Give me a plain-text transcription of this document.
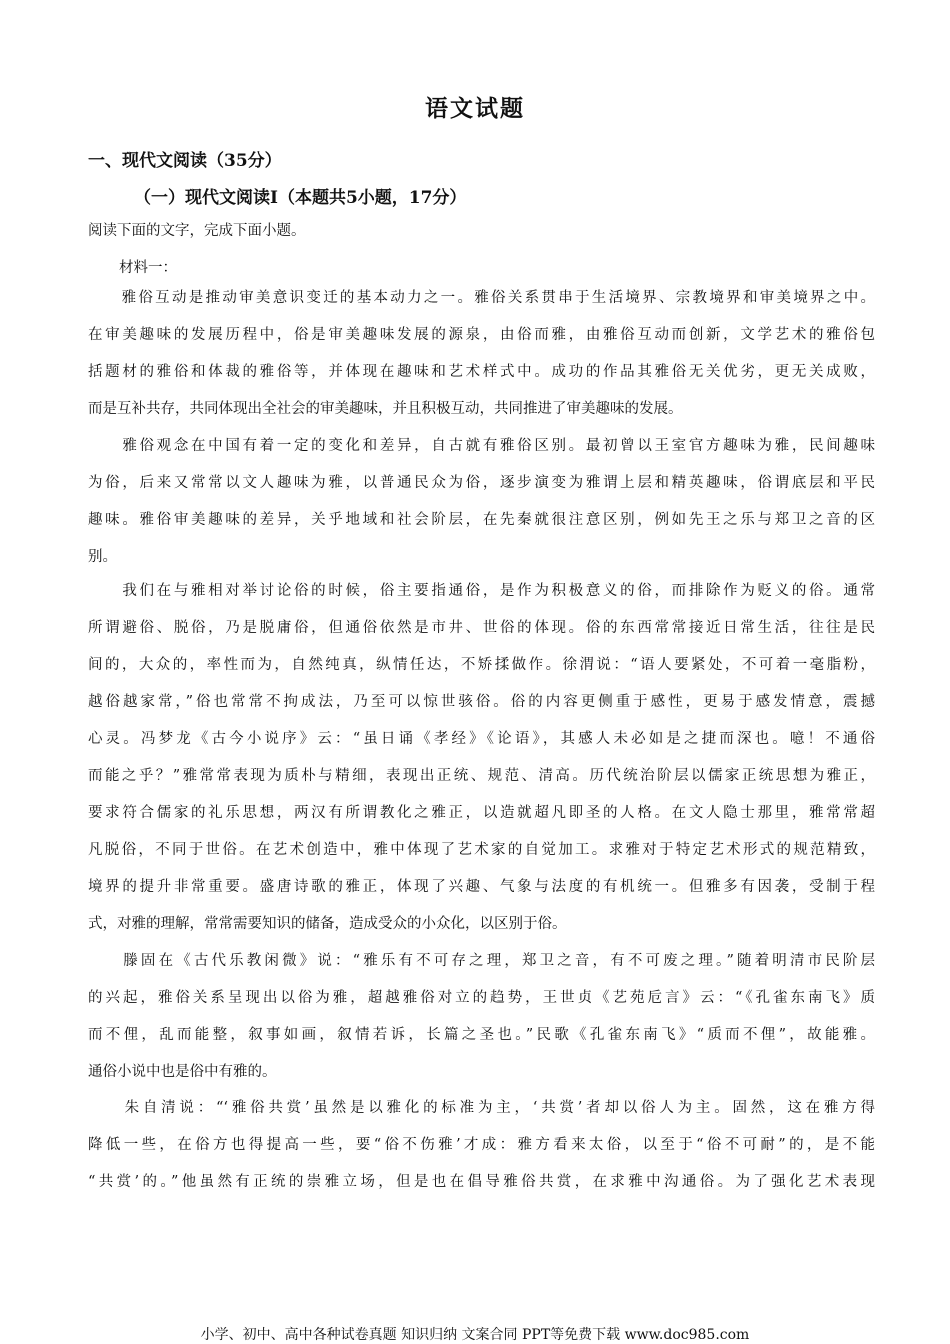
语文试题
一、现代文阅读（35分）
（一）现代文阅读Ⅰ（本题共5小题，17分）
阅读下面的文字，完成下面小题。
材料一：
　　雅俗互动是推动审美意识变迁的基本动力之一。雅俗关系贯串于生活境界、宗教境界和审美境界之中。
在审美趣味的发展历程中，俗是审美趣味发展的源泉，由俗而雅，由雅俗互动而创新，文学艺术的雅俗包
括题材的雅俗和体裁的雅俗等，并体现在趣味和艺术样式中。成功的作品其雅俗无关优劣，更无关成败，
而是互补共存，共同体现出全社会的审美趣味，并且积极互动，共同推进了审美趣味的发展。
　　雅俗观念在中国有着一定的变化和差异，自古就有雅俗区别。最初曾以王室官方趣味为雅，民间趣味
为俗，后来又常常以文人趣味为雅，以普通民众为俗，逐步演变为雅谓上层和精英趣味，俗谓底层和平民
趣味。雅俗审美趣味的差异，关乎地域和社会阶层，在先秦就很注意区别，例如先王之乐与郑卫之音的区
别。
　　我们在与雅相对举讨论俗的时候，俗主要指通俗，是作为积极意义的俗，而排除作为贬义的俗。通常
所谓避俗、脱俗，乃是脱庸俗，但通俗依然是市井、世俗的体现。俗的东西常常接近日常生活，往往是民
间的，大众的，率性而为，自然纯真，纵情任达，不矫揉做作。徐渭说：“语人要紧处，不可着一毫脂粉，
越俗越家常，”俗也常常不拘成法，乃至可以惊世骇俗。俗的内容更侧重于感性，更易于感发情意，震撼
心灵。冯梦龙《古今小说序》云：“虽日诵《孝经》《论语》，其感人未必如是之捷而深也。噫！不通俗
而能之乎？”雅常常表现为质朴与精细，表现出正统、规范、清高。历代统治阶层以儒家正统思想为雅正，
要求符合儒家的礼乐思想，两汉有所谓教化之雅正，以造就超凡即圣的人格。在文人隐士那里，雅常常超
凡脱俗，不同于世俗。在艺术创造中，雅中体现了艺术家的自觉加工。求雅对于特定艺术形式的规范精致，
境界的提升非常重要。盛唐诗歌的雅正，体现了兴趣、气象与法度的有机统一。但雅多有因袭，受制于程
式，对雅的理解，常常需要知识的储备，造成受众的小众化，以区别于俗。
　　滕固在《古代乐教闲微》说：“雅乐有不可存之理，郑卫之音，有不可废之理。”随着明清市民阶层
的兴起，雅俗关系呈现出以俗为雅，超越雅俗对立的趋势，王世贞《艺苑卮言》云：“《孔雀东南飞》质
而不俚，乱而能整，叙事如画，叙情若诉，长篇之圣也。”民歌《孔雀东南飞》“质而不俚”，故能雅。
通俗小说中也是俗中有雅的。
　　朱自清说：“‘雅俗共赏’虽然是以雅化的标准为主，‘共赏’者却以俗人为主。固然，这在雅方得
降低一些，在俗方也得提高一些，要“俗不伤雅’才成：雅方看来太俗，以至于“俗不可耐”的，是不能
“共赏’的。”他虽然有正统的崇雅立场，但是也在倡导雅俗共赏，在求雅中沟通俗。为了强化艺术表现
小学、初中、高中各种试卷真题 知识归纳 文案合同 PPT等免费下载 www.doc985.com
